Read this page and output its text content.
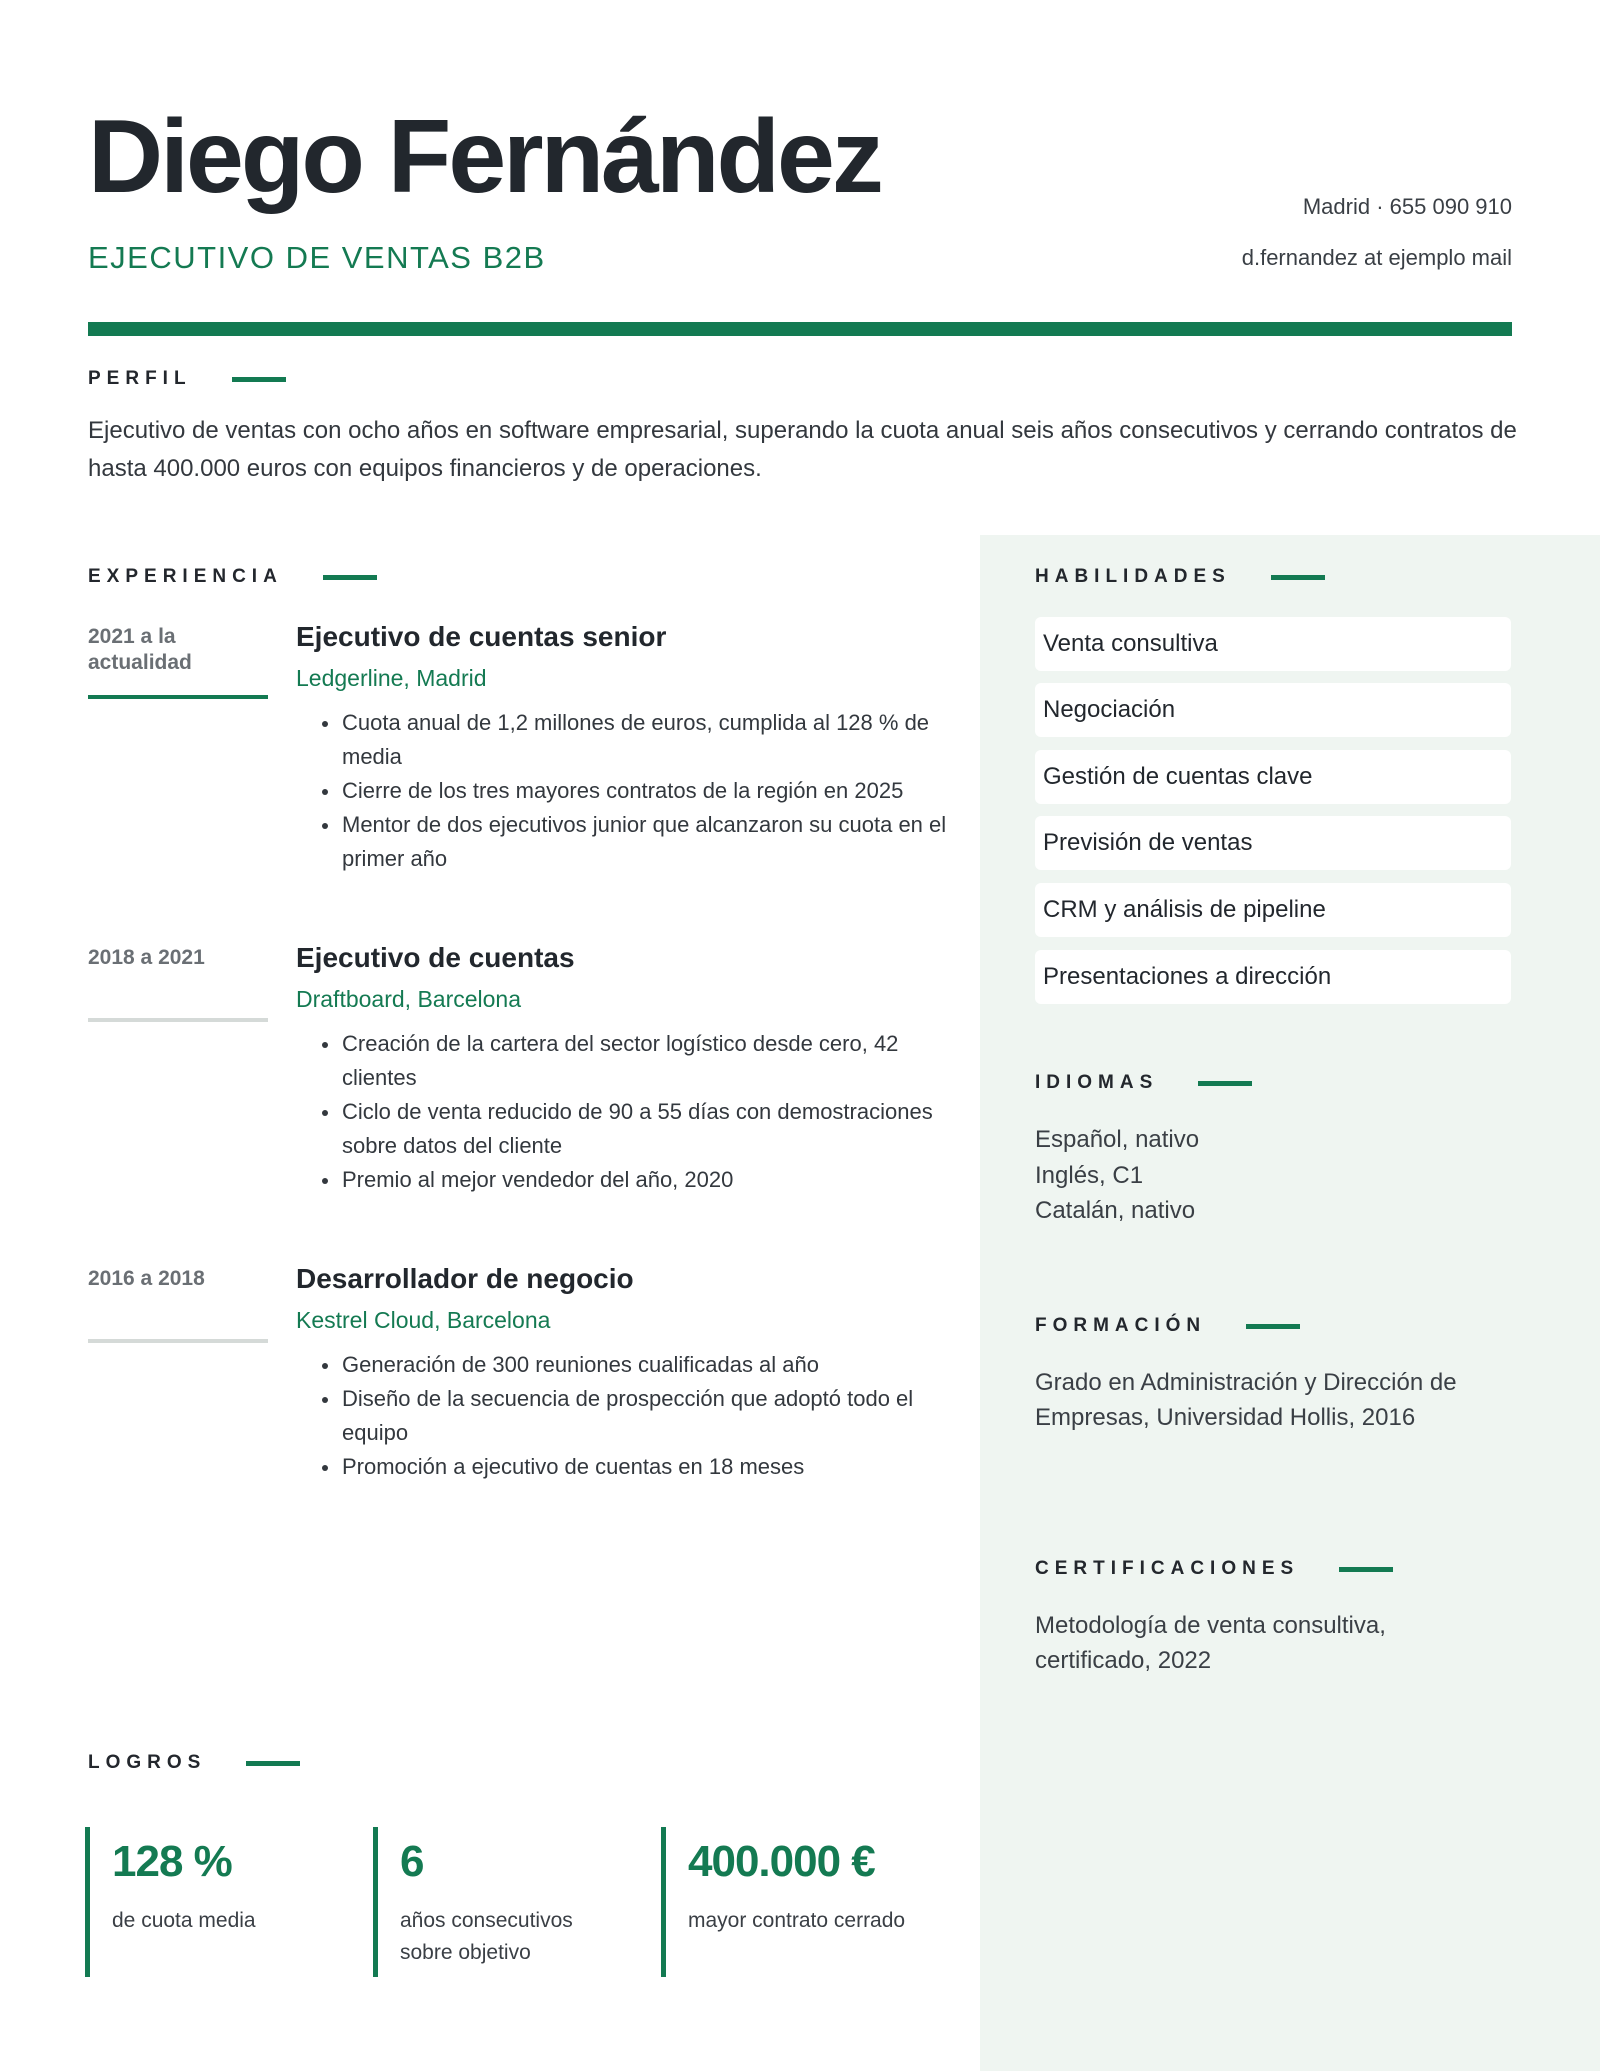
Diego Fernández
EJECUTIVO DE VENTAS B2B
Madrid · 655 090 910
d.fernandez at ejemplo mail
PERFIL

Ejecutivo de ventas con ocho años en software empresarial, superando la cuota anual seis años consecutivos y cerrando contratos de hasta 400.000 euros con equipos financieros y de operaciones.

EXPERIENCIA
2021 a la actualidad
Ejecutivo de cuentas senior
Ledgerline, Madrid
Cuota anual de 1,2 millones de euros, cumplida al 128 % de media
Cierre de los tres mayores contratos de la región en 2025
Mentor de dos ejecutivos junior que alcanzaron su cuota en el primer año
2018 a 2021	Ejecutivo de cuentas
Draftboard, Barcelona
Creación de la cartera del sector logístico desde cero, 42 clientes
Ciclo de venta reducido de 90 a 55 días con demostraciones sobre datos del cliente
Premio al mejor vendedor del año, 2020
2016 a 2018	Desarrollador de negocio
Kestrel Cloud, Barcelona
Generación de 300 reuniones cualificadas al año
Diseño de la secuencia de prospección que adoptó todo el equipo
Promoción a ejecutivo de cuentas en 18 meses
HABILIDADES
Venta consultiva
Negociación
Gestión de cuentas clave
Previsión de ventas
CRM y análisis de pipeline
Presentaciones a dirección
IDIOMAS
Español, nativo
Inglés, C1
Catalán, nativo
FORMACIÓN
Grado en Administración y Dirección de Empresas, Universidad Hollis, 2016
CERTIFICACIONES
Metodología de venta consultiva, certificado, 2022
LOGROS
128 %
de cuota media
6
años consecutivos sobre objetivo
400.000 €
mayor contrato cerrado
